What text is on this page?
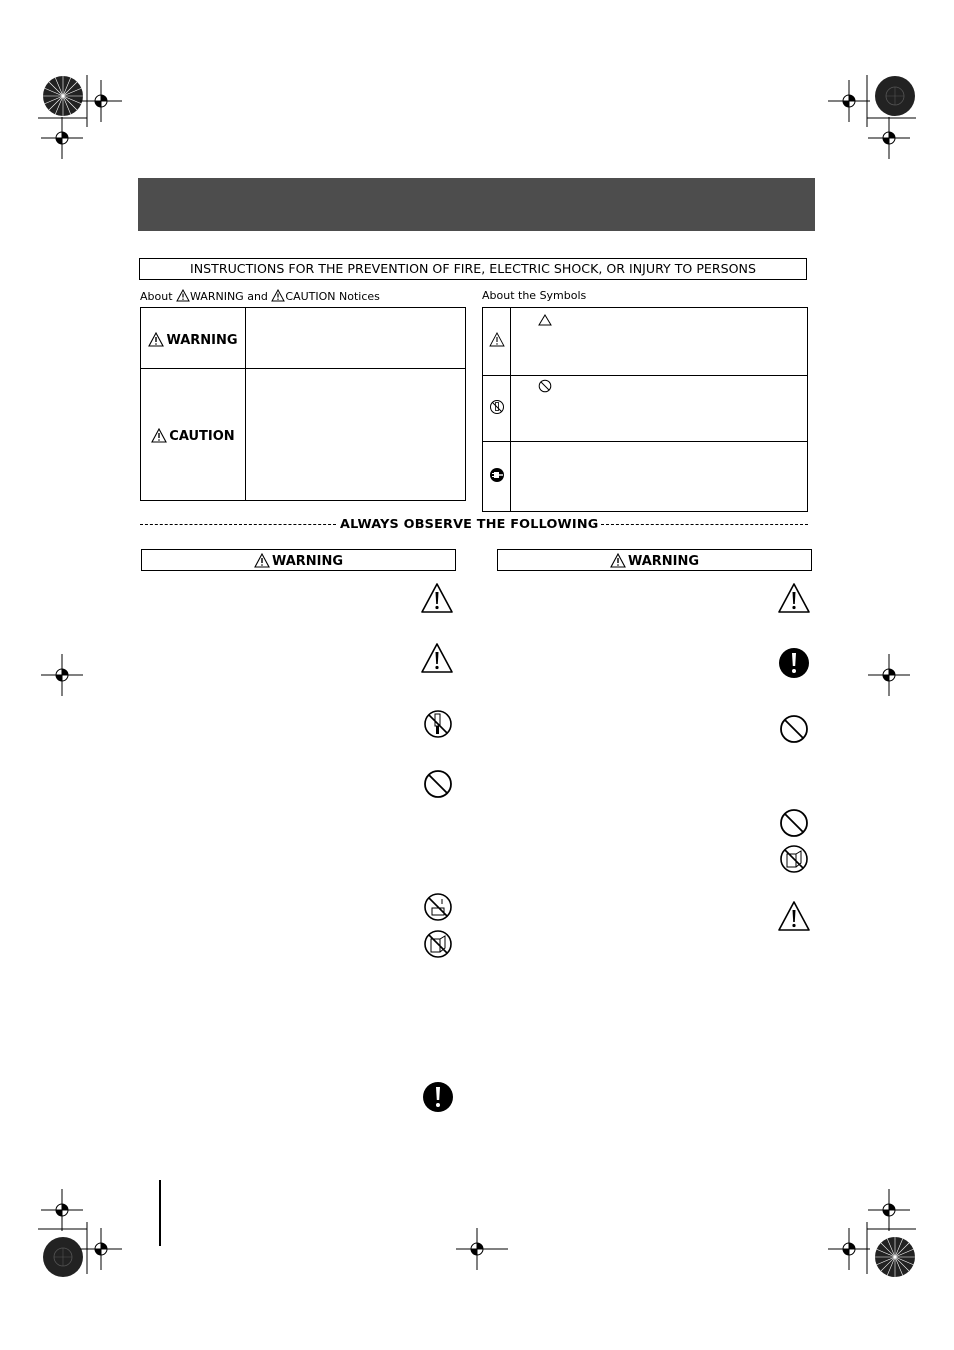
INSTRUCTIONS FOR THE PREVENTION OF FIRE, ELECTRIC SHOCK, OR INJURY TO PERSONS
About WARNING and CAUTION Notices
WARNING	
CAUTION	
About the Symbols

ALWAYS OBSERVE THE FOLLOWING
WARNING	WARNING
